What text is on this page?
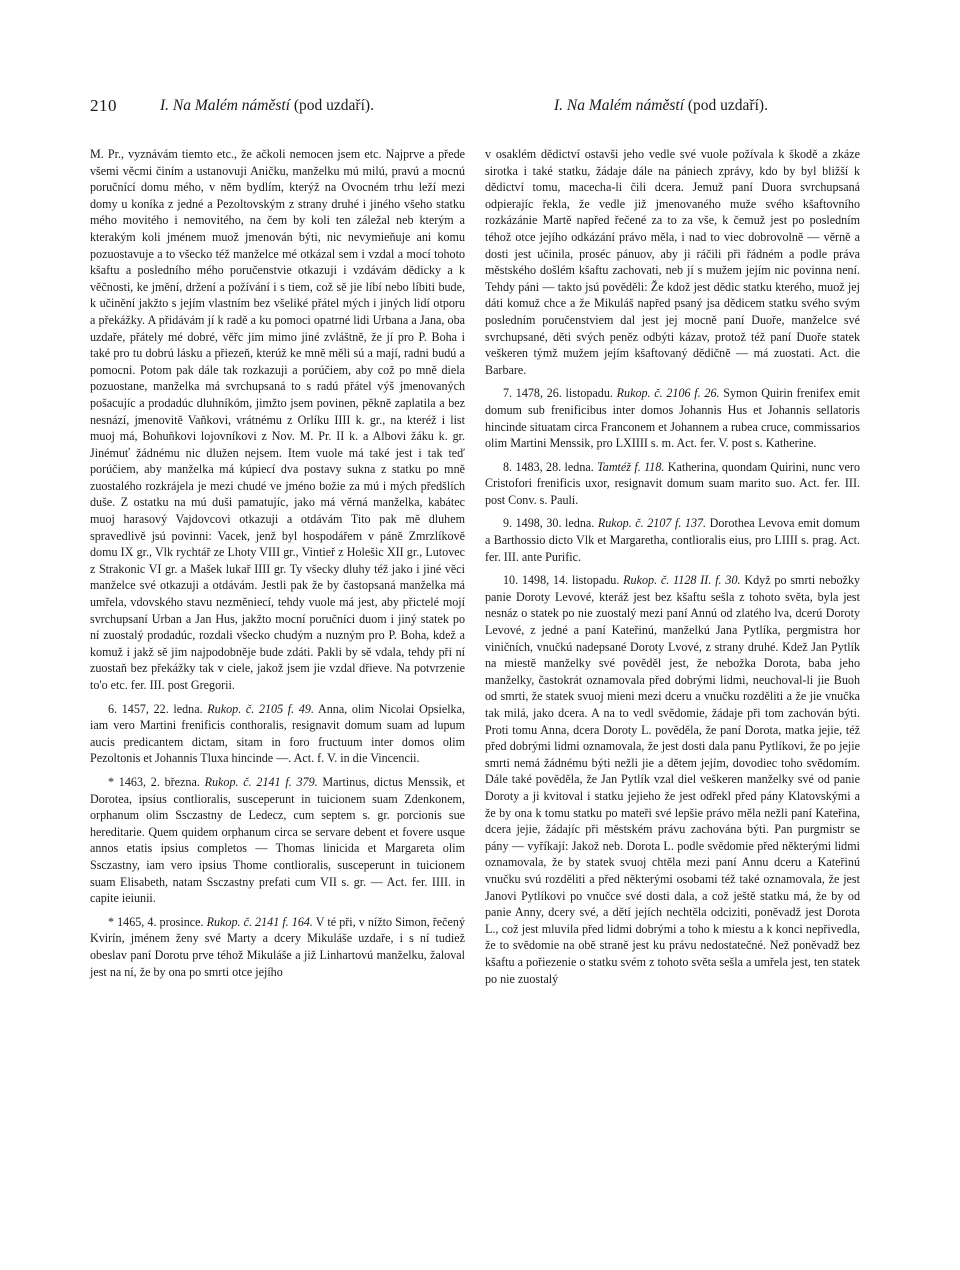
210	I. Na Malém náměstí (pod uzdaří).	I. Na Malém náměstí (pod uzdaří).

M. Pr., vyznávám tiemto etc., že ačkoli nemocen jsem etc. Najprve a přede všemi věcmi činím a ustanovuji Aničku, manželku mú milú, pravú a mocnú poručnící domu mého, v něm bydlím, kterýž na Ovocném trhu leží mezi domy u koníka z jedné a Pezoltovským z strany druhé i jiného všeho statku mého movitého i nemovitého, na čem by koli ten záležal neb kterým a kterakým koli jménem muož jmenován býti, nic nevymieňuje ani komu pozuostavuje a to všecko též manželce mé otkázal sem i vzdal a mocí tohoto kšaftu a posledního mého poručenstvie otkazuji i vzdávám dědicky a k věčnosti, ke jmění, držení a požívání i s tiem, což sě jie líbí nebo líbiti bude, k učinění jakžto s jejím vlastním bez všeliké přátel mých i jiných lidí otporu a překážky. A přidávám jí k radě a ku pomoci opatrné lidi Urbana a Jana, oba uzdaře, přátely mé dobré, věřc jim mimo jiné zvláštně, že jí pro P. Boha i také pro tu dobrú lásku a přiezeň, kterúž ke mně měli sú a mají, radni budú a pomocni. Potom pak dále tak rozkazuji a porúčiem, aby což po mně diela pozuostane, manželka má svrchupsaná to s radú přátel výš jmenovaných pošacujíc a prodadúc dluhníkóm, jimžto jsem povinen, pěkně zaplatila a bez nesnází, jmenovitě Vaňkovi, vrátnému z Orlíku IIII k. gr., na kteréž i list muoj má, Bohuňkovi lojovníkovi z Nov. M. Pr. II k. a Albovi žáku k. gr. Jinémuť žádnému nic dlužen nejsem. Item vuole má také jest i tak teď porúčiem, aby manželka má kúpiecí dva postavy sukna z statku po mně zuostalého rozkrájela je mezi chudé ve jméno božie za mú i mých předšlích duše. Z ostatku na mú duši pamatujíc, jako má věrná manželka, kabátec muoj harasový Vajdovcovi otkazuji a otdávám Tito pak mě dluhem spravedlivě jsú povinni: Vacek, jenž byl hospodářem v páně Zmrzlíkově domu IX gr., Vlk rychtář ze Lhoty VIII gr., Vintieř z Holešic XII gr., Lutovec z Strakonic VI gr. a Mašek lukař IIII gr. Ty všecky dluhy též jako i jiné věci manželce své otkazuji a otdávám. Jestli pak že by častopsaná manželka má umřela, vdovského stavu nezměniecí, tehdy vuole má jest, aby přictelé mojí svrchupsaní Urban a Jan Hus, jakžto mocní poručníci duom i jiný statek po ní zuostalý prodadúc, rozdali všecko chudým a nuzným pro P. Boha, kdež a komuž i jakž sě jim najpodobněje bude zdáti. Pakli by sě vdala, tehdy při ní zuostaň bez překážky tak v ciele, jakož jsem jie vzdal dřieve. Na potvrzenie to'o etc. fer. III. post Gregorii.

6. 1457, 22. ledna. Rukop. č. 2105 f. 49. Anna, olim Nicolai Opsielka, iam vero Martini frenificis conthoralis, resignavit domum suam ad lupum aucis predicantem dictam, sitam in foro fructuum inter domos olim Pezoltonis et Johannis Tluxa hincinde —. Act. f. V. in die Vincencii.

* 1463, 2. března. Rukop. č. 2141 f. 379. Martinus, dictus Menssik, et Dorotea, ipsius contlioralis, susceperunt in tuicionem suam Zdenkonem, orphanum olim Ssczastny de Ledecz, cum septem s. gr. porcionis sue hereditarie. Quem quidem orphanum circa se servare debent et fovere usque annos etatis ipsius completos — Thomas linicida et Margareta olim Ssczastny, iam vero ipsius Thome contlioralis, susceperunt in tuicionem suam Elisabeth, natam Ssczastny prefati cum VII s. gr. — Act. fer. IIII. in capite ieiunii.

* 1465, 4. prosince. Rukop. č. 2141 f. 164. V té při, v nížto Simon, řečený Kvirín, jménem ženy své Marty a dcery Mikuláše uzdaře, i s ní tudiež obeslav paní Dorotu prve téhož Mikuláše a již Linhartovú manželku, žaloval jest na ní, že by ona po smrti otce jejího

v osaklém dědictví ostavši jeho vedle své vuole požívala k škodě a zkáze sirotka i také statku, žádaje dále na pániech zprávy, kdo by byl bližší k dědictví tomu, macecha-li čili dcera. Jemuž paní Duora svrchupsaná odpierajíc řekla, že vedle již jmenovaného muže svého kšaftovního rozkázánie Martě napřed řečené za to za vše, k čemuž jest po posledním téhož otce jejího odkázání právo měla, i nad to viec dobrovolně — věrně a dosti jest učinila, proséc pánuov, aby ji ráčili při řádném a podle práva městského došlém kšaftu zachovati, neb jí s mužem jejím nic povinna není. Tehdy páni — takto jsú pověděli: Že kdož jest dědic statku kterého, muož jej dáti komuž chce a že Mikuláš napřed psaný jsa dědicem statku svého svým posledním poručenstviem dal jest jej mocně paní Duoře, manželce své svrchupsané, děti svých peněz odbýti kázav, protož též paní Duoře statek veškeren týmž mužem jejím kšaftovaný dědičně — má zuostati. Act. die Barbare.

7. 1478, 26. listopadu. Rukop. č. 2106 f. 26. Symon Quirin frenifex emit domum sub frenificibus inter domos Johannis Hus et Johannis sellatoris hincinde situatam circa Franconem et Johannem a rubea cruce, commissarios olim Martini Menssik, pro LXIIII s. m. Act. fer. V. post s. Katherine.

8. 1483, 28. ledna. Tamtéž f. 118. Katherina, quondam Quirini, nunc vero Cristofori frenificis uxor, resignavit domum suam marito suo. Act. fer. III. post Conv. s. Pauli.

9. 1498, 30. ledna. Rukop. č. 2107 f. 137. Dorothea Levova emit domum a Barthossio dicto Vlk et Margaretha, contlioralis eius, pro LIIII s. prag. Act. fer. III. ante Purific.

10. 1498, 14. listopadu. Rukop. č. 1128 II. f. 30. Když po smrti nebožky panie Doroty Levové, kteráž jest bez kšaftu sešla z tohoto světa, byla jest nesnáz o statek po nie zuostalý mezi paní Annú od zlatého lva, dcerú Doroty Levové, z jedné a paní Kateřinú, manželkú Jana Pytlíka, pergmistra hor viničních, vnučkú nadepsané Doroty Lvové, z strany druhé. Kdež Jan Pytlík na miestě manželky své pověděl jest, že nebožka Dorota, baba jeho manželky, častokrát oznamovala před dobrými lidmi, neuchoval-li jie Buoh od smrti, že statek svuoj mieni mezi dceru a vnučku rozděliti a že jie vnučka tak milá, jako dcera. A na to vedl svědomie, žádaje při tom zachován býti. Proti tomu Anna, dcera Doroty L. pověděla, že paní Dorota, matka jejie, též před dobrými lidmi oznamovala, že jest dosti dala panu Pytlíkovi, že po jejie smrti nemá žádnému býti nežli jie a dětem jejím, dovodiec toho svědomím. Dále také pověděla, že Jan Pytlík vzal diel veškeren manželky své od panie Doroty a ji kvitoval i statku jejieho že jest odřekl před pány Klatovskými a že by ona k tomu statku po mateři své lepšie právo měla nežli paní Kateřina, dcera jejie, žádajíc při městském právu zachována býti. Pan purgmistr se pány — vyříkají: Jakož neb. Dorota L. podle svědomie před některými lidmi oznamovala, že by statek svuoj chtěla mezi paní Annu dceru a Kateřinú vnučku svú rozděliti a před některými osobami též také oznamovala, že jest Janovi Pytlíkovi po vnučce své dosti dala, a což ještě statku má, že by od panie Anny, dcery své, a dětí jejích nechtěla odciziti, poněvadž jest Dorota L., což jest mluvila před lidmi dobrými a toho k miestu a k konci nepřivedla, že to svědomie na obě straně jest ku právu nedostatečné. Než poněvadž bez kšaftu a pořiezenie o statku svém z tohoto světa sešla a umřela jest, ten statek po nie zuostalý
